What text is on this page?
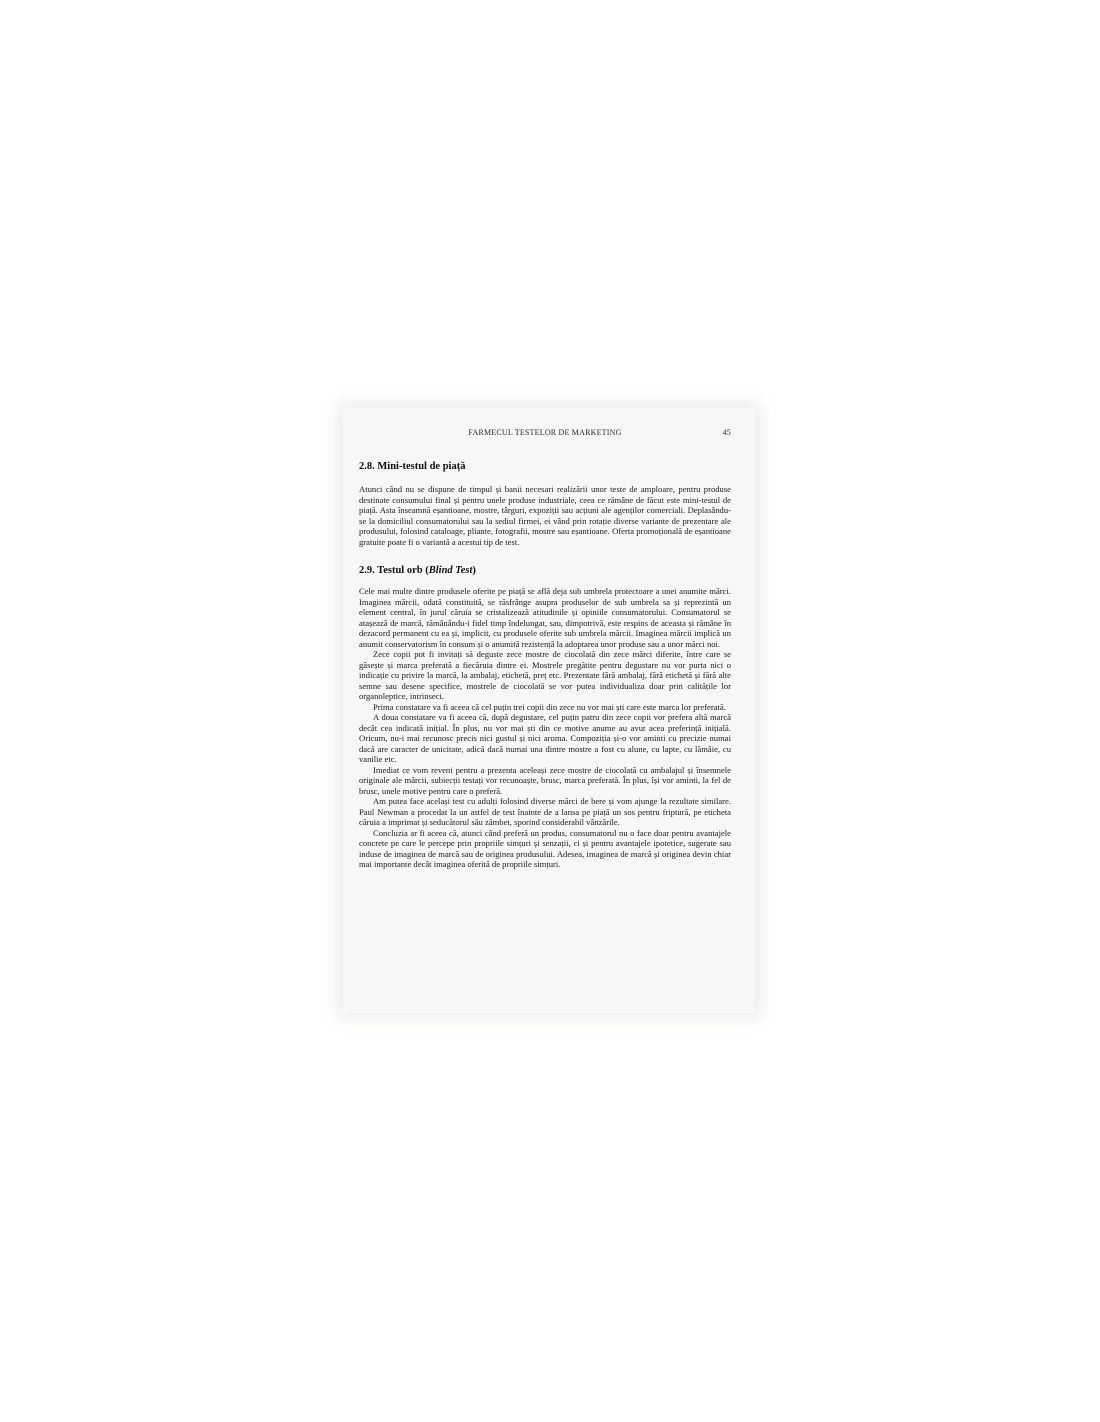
FARMECUL TESTELOR DE MARKETING	45
2.8. Mini-testul de piață

Atunci când nu se dispune de timpul și banii necesari realizării unor teste de amploare, pentru produse destinate consumului final și pentru unele produse industriale, ceea ce rămâne de făcut este mini-testul de piață. Asta înseamnă eșantioane, mostre, târguri, expoziții sau acțiuni ale agenților comerciali. Deplasându-se la domiciliul consumatorului sau la sediul firmei, ei vând prin rotație diverse variante de prezentare ale produsului, folosind cataloage, pliante, fotografii, mostre sau eșantioane. Oferta promoțională de eșantioane gratuite poate fi o variantă a acestui tip de test.

2.9. Testul orb (Blind Test)

Cele mai multe dintre produsele oferite pe piață se află deja sub umbrela protectoare a unei anumite mărci. Imaginea mărcii, odată constituită, se răsfrânge asupra produselor de sub umbrela sa și reprezintă un element central, în jurul căruia se cristalizează atitudinile și opiniile consumatorului. Consumatorul se atașează de marcă, rămânându-i fidel timp îndelungat, sau, dimpotrivă, este respins de aceasta și rămâne în dezacord permanent cu ea și, implicit, cu produsele oferite sub umbrela mărcii. Imaginea mărcii implică un anumit conservatorism în consum și o anumită rezistență la adoptarea unor produse sau a unor mărci noi.

Zece copii pot fi invitați să deguste zece mostre de ciocolată din zece mărci diferite, între care se găsește și marca preferată a fiecăruia dintre ei. Mostrele pregătite pentru degustare nu vor purta nici o indicație cu privire la marcă, la ambalaj, etichetă, preț etc. Prezentate fără ambalaj, fără etichetă și fără alte semne sau desene specifice, mostrele de ciocolată se vor putea individualiza doar prin calitățile lor organoleptice, intrinseci.

Prima constatare va fi aceea că cel puțin trei copii din zece nu vor mai ști care este marca lor preferată.

A doua constatare va fi aceea că, după degustare, cel puțin patru din zece copii vor prefera altă marcă decât cea indicată inițial. În plus, nu vor mai ști din ce motive anume au avut acea preferință inițială. Oricum, nu-i mai recunosc precis nici gustul și nici aroma. Compoziția și-o vor aminti cu precizie numai dacă are caracter de unicitate, adică dacă numai una dintre mostre a fost cu alune, cu lapte, cu lămâie, cu vanilie etc.

Imediat ce vom reveni pentru a prezenta aceleași zece mostre de ciocolată cu ambalajul și însemnele originale ale mărcii, subiecții testați vor recunoaște, brusc, marca preferată. În plus, își vor aminti, la fel de brusc, unele motive pentru care o preferă.

Am putea face același test cu adulți folosind diverse mărci de bere și vom ajunge la rezultate similare. Paul Newman a procedat la un astfel de test înainte de a lansa pe piață un sos pentru friptură, pe eticheta căruia a imprimat și seducătorul său zâmbet, sporind considerabil vânzările.

Concluzia ar fi aceea că, atunci când preferă un produs, consumatorul nu o face doar pentru avantajele concrete pe care le percepe prin propriile simțuri și senzații, ci și pentru avantajele ipotetice, sugerate sau induse de imaginea de marcă sau de originea produsului. Adesea, imaginea de marcă și originea devin chiar mai importante decât imaginea oferită de propriile simțuri.
